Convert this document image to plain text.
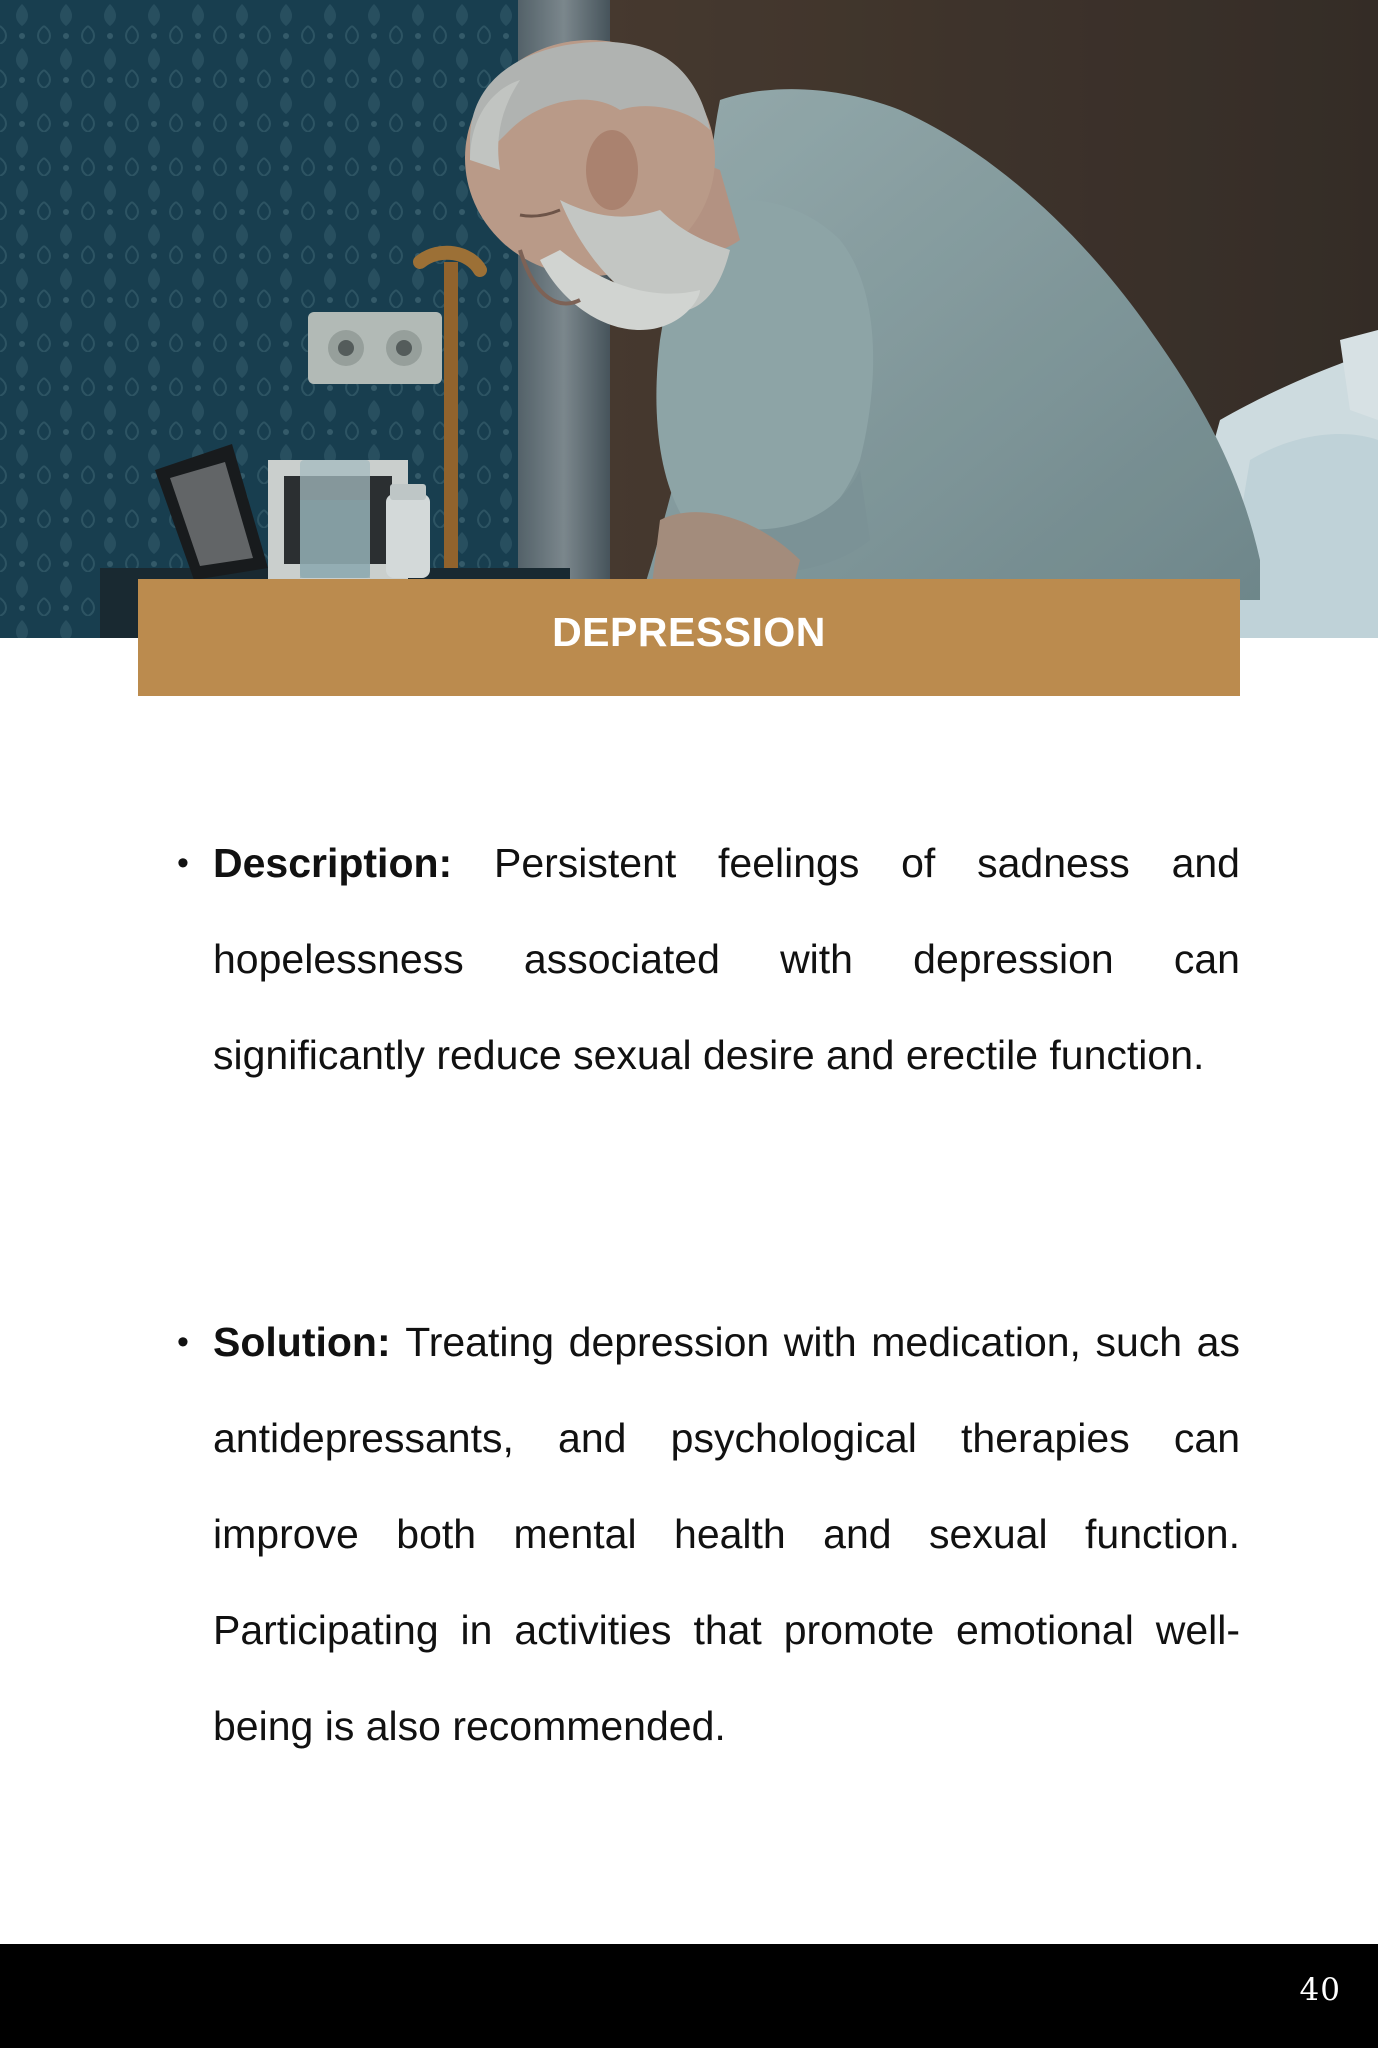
DEPRESSION
• Description: Persistent feelings of sadness and hopelessness associated with depression can significantly reduce sexual desire and erectile function.
• Solution: Treating depression with medication, such as antidepressants, and psychological therapies can improve both mental health and sexual function. Participating in activities that promote emotional well-being is also recommended.
40
